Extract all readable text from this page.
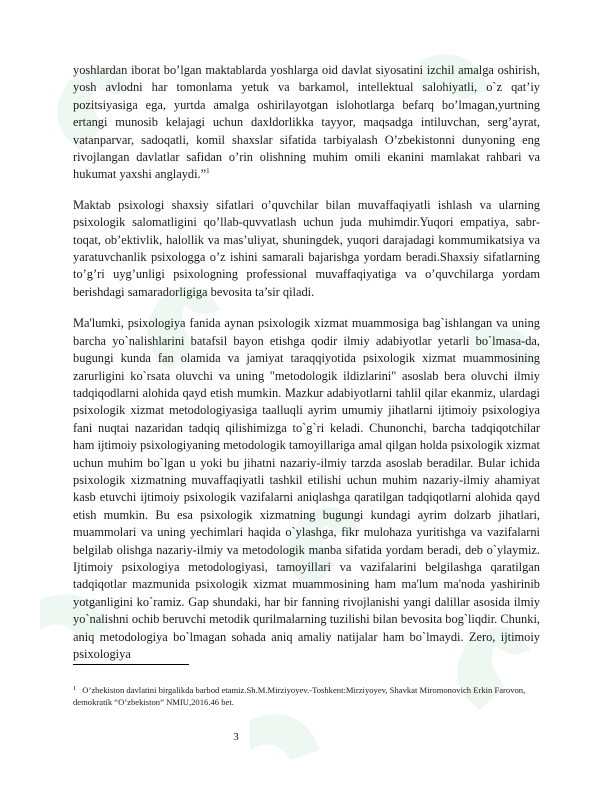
yoshlardan iborat bo’lgan maktablarda yoshlarga oid davlat siyosatini izchil amalga oshirish, yosh avlodni har tomonlama yetuk va barkamol, intellektual salohiyatli, o`z qat’iy pozitsiyasiga ega, yurtda amalga oshirilayotgan islohotlarga befarq bo’lmagan,yurtning ertangi munosib kelajagi uchun daxldorlikka tayyor, maqsadga intiluvchan, serg’ayrat, vatanparvar, sadoqatli, komil shaxslar sifatida tarbiyalash O’zbekistonni dunyoning eng rivojlangan davlatlar safidan o’rin olishning muhim omili ekanini mamlakat rahbari va hukumat yaxshi anglaydi.”$^1$

Maktab psixologi shaxsiy sifatlari o’quvchilar bilan muvaffaqiyatli ishlash va ularning psixologik salomatligini qo’llab-quvvatlash uchun juda muhimdir.Yuqori empatiya, sabr-toqat, ob’ektivlik, halollik va mas’uliyat, shuningdek, yuqori darajadagi kommumikatsiya va yaratuvchanlik psixologga o’z ishini samarali bajarishga yordam beradi.Shaxsiy sifatlarning to’g’ri uyg’unligi psixologning professional muvaffaqiyatiga va o’quvchilarga yordam berishdagi samaradorligiga bevosita ta’sir qiladi.

Ma'lumki, psixologiya fanida aynan psixologik xizmat muammosiga bag`ishlangan va uning barcha yo`nalishlarini batafsil bayon etishga qodir ilmiy adabiyotlar yetarli bo`lmasa-da, bugungi kunda fan olamida va jamiyat taraqqiyotida psixologik xizmat muammosining zarurligini ko`rsata oluvchi va uning "metodologik ildizlarini" asoslab bera oluvchi ilmiy tadqiqodlarni alohida qayd etish mumkin. Mazkur adabiyotlarni tahlil qilar ekanmiz, ulardagi psixologik xizmat metodologiyasiga taalluqli ayrim umumiy jihatlarni ijtimoiy psixologiya fani nuqtai nazaridan tadqiq qilishimizga to`g`ri keladi. Chunonchi, barcha tadqiqotchilar ham ijtimoiy psixologiyaning metodologik tamoyillariga amal qilgan holda psixologik xizmat uchun muhim bo`lgan u yoki bu jihatni nazariy-ilmiy tarzda asoslab beradilar. Bular ichida psixologik xizmatning muvaffaqiyatli tashkil etilishi uchun muhim nazariy-ilmiy ahamiyat kasb etuvchi ijtimoiy psixologik vazifalarni aniqlashga qaratilgan tadqiqotlarni alohida qayd etish mumkin. Bu esa psixologik xizmatning bugungi kundagi ayrim dolzarb jihatlari, muammolari va uning yechimlari haqida o`ylashga, fikr mulohaza yuritishga va vazifalarni belgilab olishga nazariy-ilmiy va metodologik manba sifatida yordam beradi, deb o`ylaymiz. Ijtimoiy psixologiya metodologiyasi, tamoyillari va vazifalarini belgilashga qaratilgan tadqiqotlar mazmunida psixologik xizmat muammosining ham ma'lum ma'noda yashirinib yotganligini ko`ramiz. Gap shundaki, har bir fanning rivojlanishi yangi dalillar asosida ilmiy yo`nalishni ochib beruvchi metodik qurilmalarning tuzilishi bilan bevosita bog`liqdir. Chunki, aniq metodologiya bo`lmagan sohada aniq amaliy natijalar ham bo`lmaydi. Zero, ijtimoiy psixologiya

$^1$ O’zbekiston davlatini birgalikda barbod etamiz.Sh.M.Mirziyoyev.-Toshkent:Mirziyoyev, Shavkat Miromonovich Erkin Farovon, demokratik “O’zbekiston” NMIU,2016.46 bet.

3
